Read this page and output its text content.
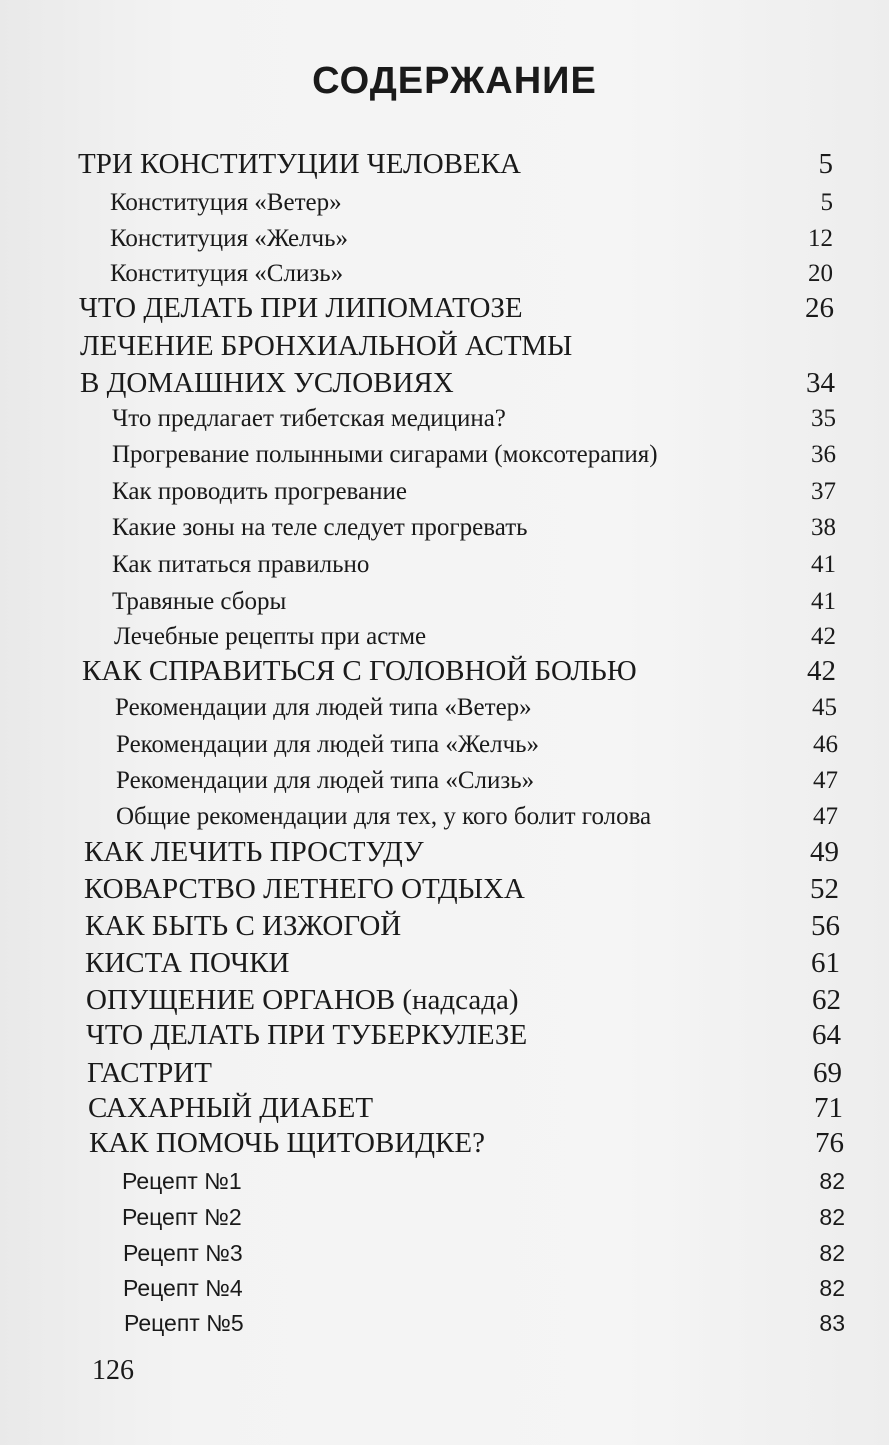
СОДЕРЖАНИЕ
ТРИ КОНСТИТУЦИИ ЧЕЛОВЕКА	5
Конституция «Ветер»	5
Конституция «Желчь»	12
Конституция «Слизь»	20
ЧТО ДЕЛАТЬ ПРИ ЛИПОМАТОЗЕ	26
ЛЕЧЕНИЕ БРОНХИАЛЬНОЙ АСТМЫ
В ДОМАШНИХ УСЛОВИЯХ	34
Что предлагает тибетская медицина?	35
Прогревание полынными сигарами (моксотерапия)	36
Как проводить прогревание	37
Какие зоны на теле следует прогревать	38
Как питаться правильно	41
Травяные сборы	41
Лечебные рецепты при астме	42
КАК СПРАВИТЬСЯ С ГОЛОВНОЙ БОЛЬЮ	42
Рекомендации для людей типа «Ветер»	45
Рекомендации для людей типа «Желчь»	46
Рекомендации для людей типа «Слизь»	47
Общие рекомендации для тех, у кого болит голова	47
КАК ЛЕЧИТЬ ПРОСТУДУ	49
КОВАРСТВО ЛЕТНЕГО ОТДЫХА	52
КАК БЫТЬ С ИЗЖОГОЙ	56
КИСТА ПОЧКИ	61
ОПУЩЕНИЕ ОРГАНОВ (надсада)	62
ЧТО ДЕЛАТЬ ПРИ ТУБЕРКУЛЕЗЕ	64
ГАСТРИТ	69
САХАРНЫЙ ДИАБЕТ	71
КАК ПОМОЧЬ ЩИТОВИДКЕ?	76
Рецепт №1	82
Рецепт №2	82
Рецепт №3	82
Рецепт №4	82
Рецепт №5	83
126
